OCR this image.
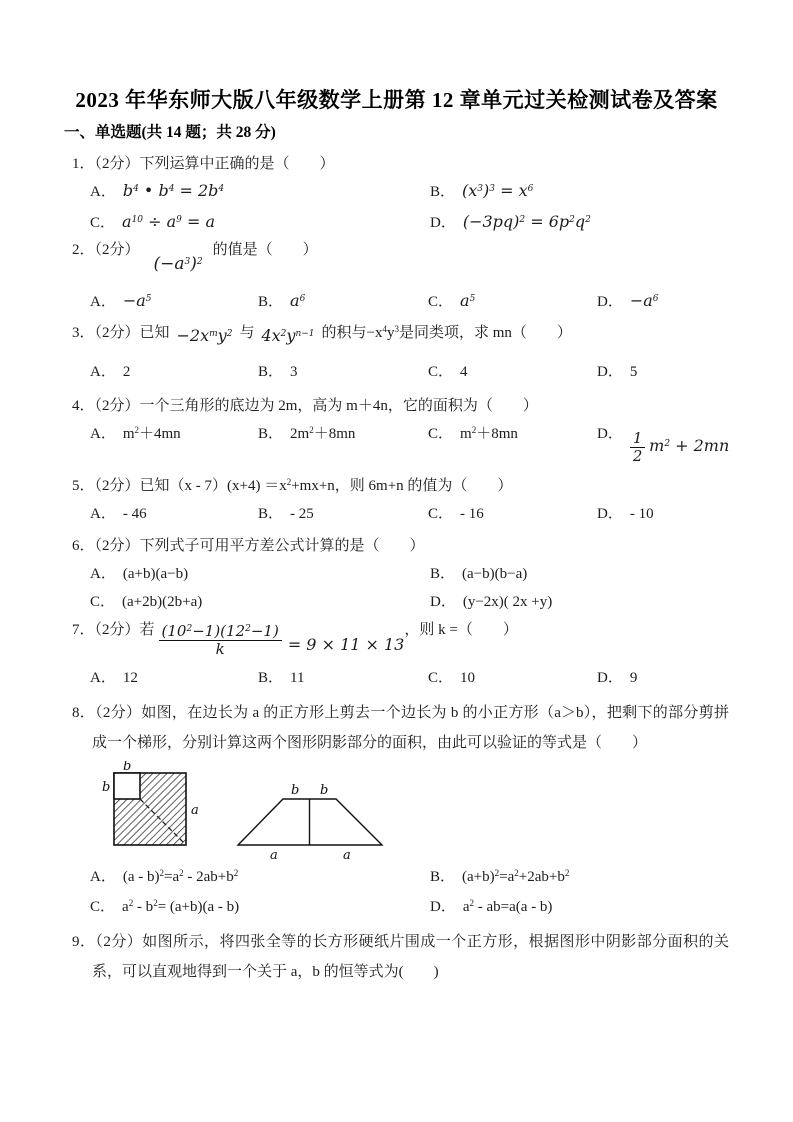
2023 年华东师大版八年级数学上册第 12 章单元过关检测试卷及答案
一、单选题(共 14 题；共 28 分)
1．（2分）下列运算中正确的是（　　）
A． $b^4$ • $b^4 = 2b^4$	B． $(x^3)^3 = x^6$
C． $a^{10} \div a^9 = a$	D． $(-3pq)^2 = 6p^2q^2$
2．（2分）
$(-a^3)^2$
的值是（　　）
A． $-a^5$	B． $a^6$	C． $a^5$	D． $-a^6$
3．（2分）已知 $-2x^my^2$ 与 $4x^2y^{n-1}$ 的积与$-x^4y^3$是同类项，求 mn（　　）
A． 2	B． 3	C． 4	D． 5
4．（2分）一个三角形的底边为 2m，高为 m＋4n，它的面积为（　　）
A． $m^2+4mn$	B． $2m^2+8mn$	C． $m^2+8mn$	D． $\frac{1}{2} m^2 + 2mn$
5．（2分）已知$(x - 7)(x+4) =x^2+mx+n$，则 6m+n 的值为（　　）
A． - 46	B． - 25	C． - 16	D． - 10
6．（2分）下列式子可用平方差公式计算的是（　　）
A． (a+b)(a−b)	B． (a−b)(b−a)
C． (a+2b)(2b+a)	D． (y−2x)( 2x +y)
7．（2分）若 $\frac{(10^2-1)(12^2-1)}{k} = 9 \times 11 \times 13$
，则 k =（　　）
A． 12	B． 11	C． 10	D． 9
8．（2分）如图，在边长为 a 的正方形上剪去一个边长为 b 的小正方形（a＞b），把剩下的部分剪拼成一个梯形，分别计算这两个图形阴影部分的面积，由此可以验证的等式是（　　）
b
b
a
b b
a	a
A． $(a - b)^2=a^2 - 2ab+b^2$	B． $(a+b)^2=a^2+2ab+b^2$
C． $a^2 - b^2= (a+b)(a - b)$	D． $a^2 - ab=a(a - b)$
9．（2分）如图所示，将四张全等的长方形硬纸片围成一个正方形，根据图形中阴影部分面积的关系，可以直观地得到一个关于 a，b 的恒等式为(　　)
